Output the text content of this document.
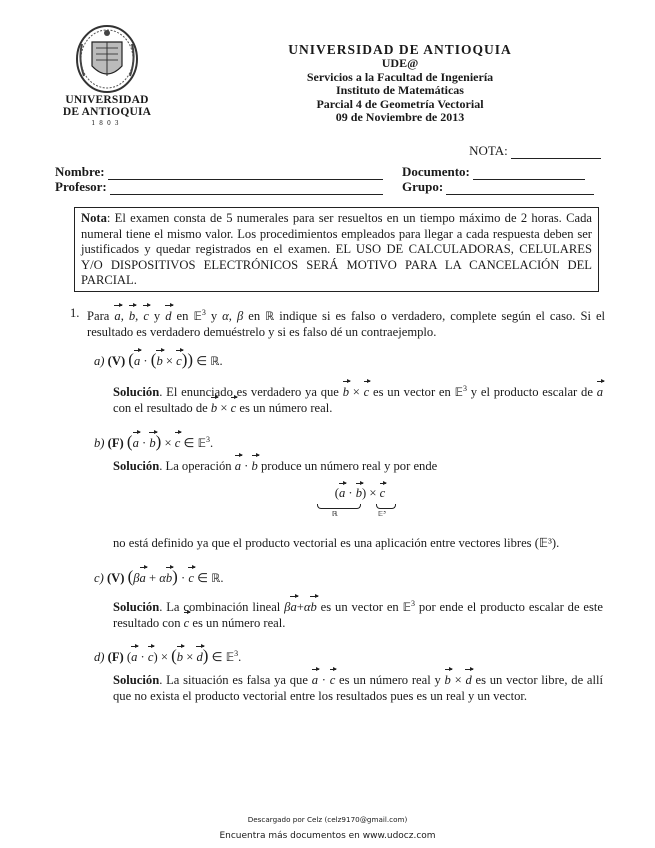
UNIVERSIDAD
DE ANTIOQUIA
1803
UNIVERSIDAD DE ANTIOQUIA
UDE@
Servicios a la Facultad de Ingeniería
Instituto de Matemáticas
Parcial 4 de Geometría Vectorial
09 de Noviembre de 2013
NOTA:
Nombre:	Documento:
Profesor:	Grupo:
Nota: El examen consta de 5 numerales para ser resueltos en un tiempo máximo de 2 horas. Cada numeral tiene el mismo valor. Los procedimientos empleados para llegar a cada respuesta deben ser justificados y quedar registrados en el examen. EL USO DE CALCULADORAS, CELULARES Y/O DISPOSITIVOS ELECTRÓNICOS SERÁ MOTIVO PARA LA CANCELACIÓN DEL PARCIAL.
1. Para a, b, c y d en 𝔼$^3$ y α, β en ℝ indique si es falso o verdadero, complete según el caso. Si el resultado es verdadero demuéstrelo y si es falso dé un contraejemplo.
a) (V) (a · (b × c)) ∈ ℝ.
Solución. El enunciado es verdadero ya que b × c es un vector en 𝔼$^3$ y el producto escalar de a con el resultado de b × c es un número real.
b) (F) (a · b) × c ∈ 𝔼$^3$.
Solución. La operación a · b produce un número real y por ende
(a · b) × c
ℝ	𝔼³
no está definido ya que el producto vectorial es una aplicación entre vectores libres (𝔼³).
c) (V) (βa + αb) · c ∈ ℝ.
Solución. La combinación lineal βa+αb es un vector en 𝔼$^3$ por ende el producto escalar de este resultado con c es un número real.
d) (F) (a · c) × (b × d) ∈ 𝔼$^3$.
Solución. La situación es falsa ya que a · c es un número real y b × d es un vector libre, de allí que no exista el producto vectorial entre los resultados pues es un real y un vector.
Descargado por Celz (celz9170@gmail.com)
Encuentra más documentos en www.udocz.com
